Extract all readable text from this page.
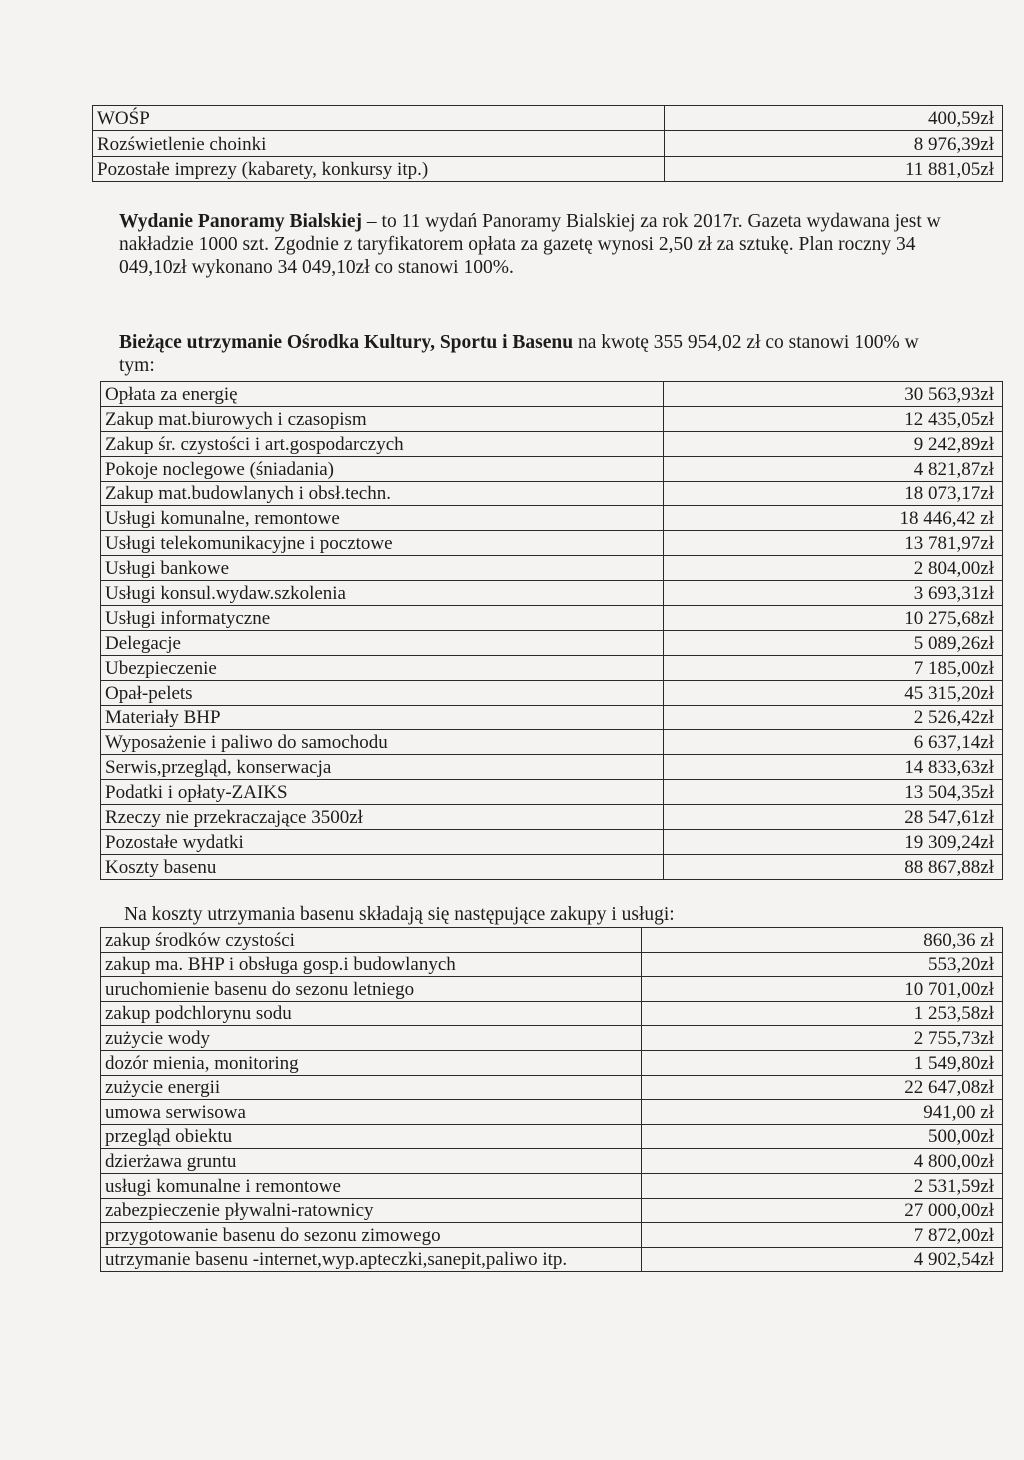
WOŚP	400,59zł
Rozświetlenie choinki	8 976,39zł
Pozostałe imprezy (kabarety, konkursy itp.)	11 881,05zł

Wydanie Panoramy Bialskiej – to 11 wydań Panoramy Bialskiej za rok 2017r. Gazeta wydawana jest w nakładzie 1000 szt. Zgodnie z taryfikatorem opłata za gazetę wynosi 2,50 zł za sztukę. Plan roczny 34 049,10zł wykonano 34 049,10zł co stanowi 100%.

Bieżące utrzymanie Ośrodka Kultury, Sportu i Basenu na kwotę 355 954,02 zł co stanowi 100% w tym:

Opłata za energię	30 563,93zł
Zakup mat.biurowych i czasopism	12 435,05zł
Zakup śr. czystości i art.gospodarczych	9 242,89zł
Pokoje noclegowe (śniadania)	4 821,87zł
Zakup mat.budowlanych i obsł.techn.	18 073,17zł
Usługi komunalne, remontowe	18 446,42 zł
Usługi telekomunikacyjne i pocztowe	13 781,97zł
Usługi bankowe	2 804,00zł
Usługi konsul.wydaw.szkolenia	3 693,31zł
Usługi informatyczne	10 275,68zł
Delegacje	5 089,26zł
Ubezpieczenie	7 185,00zł
Opał-pelets	45 315,20zł
Materiały BHP	2 526,42zł
Wyposażenie i paliwo do samochodu	6 637,14zł
Serwis,przegląd, konserwacja	14 833,63zł
Podatki i opłaty-ZAIKS	13 504,35zł
Rzeczy nie przekraczające 3500zł	28 547,61zł
Pozostałe wydatki	19 309,24zł
Koszty basenu	88 867,88zł

Na koszty utrzymania basenu składają się następujące zakupy i usługi:

zakup środków czystości	860,36 zł
zakup ma. BHP i obsługa gosp.i budowlanych	553,20zł
uruchomienie basenu do sezonu letniego	10 701,00zł
zakup podchlorynu sodu	1 253,58zł
zużycie wody	2 755,73zł
dozór mienia, monitoring	1 549,80zł
zużycie energii	22 647,08zł
umowa serwisowa	941,00 zł
przegląd obiektu	500,00zł
dzierżawa gruntu	4 800,00zł
usługi komunalne i remontowe	2 531,59zł
zabezpieczenie pływalni-ratownicy	27 000,00zł
przygotowanie basenu do sezonu zimowego	7 872,00zł
utrzymanie basenu -internet,wyp.apteczki,sanepit,paliwo itp.	4 902,54zł
